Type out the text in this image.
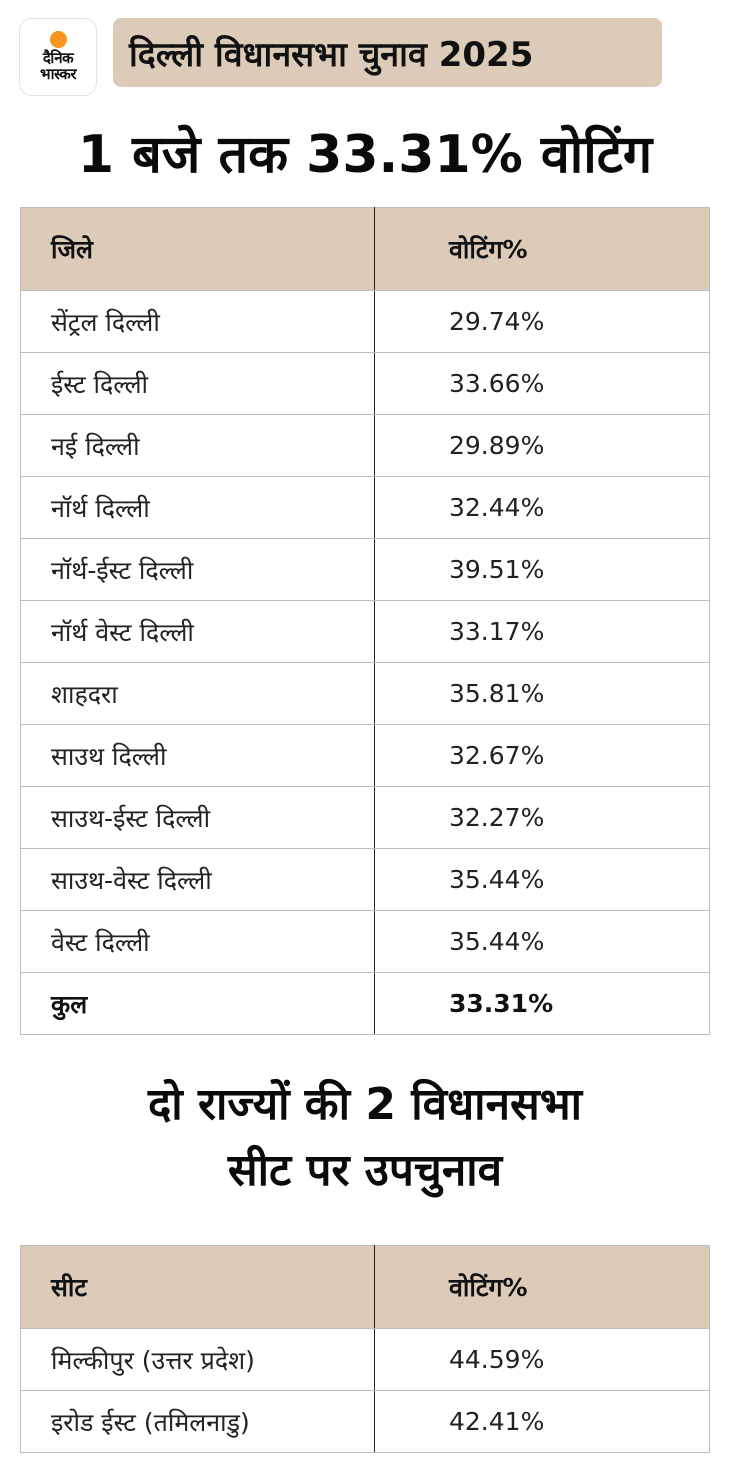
दैनिक
भास्कर दिल्ली विधानसभा चुनाव 2025
1 बजे तक 33.31% वोटिंग
जिले	वोटिंग%
सेंट्रल दिल्ली	29.74%
ईस्ट दिल्ली	33.66%
नई दिल्ली	29.89%
नॉर्थ दिल्ली	32.44%
नॉर्थ-ईस्ट दिल्ली	39.51%
नॉर्थ वेस्ट दिल्ली	33.17%
शाहदरा	35.81%
साउथ दिल्ली	32.67%
साउथ-ईस्ट दिल्ली	32.27%
साउथ-वेस्ट दिल्ली	35.44%
वेस्ट दिल्ली	35.44%
कुल	33.31%
दो राज्यों की 2 विधानसभा
सीट पर उपचुनाव
सीट	वोटिंग%
मिल्कीपुर (उत्तर प्रदेश)	44.59%
इरोड ईस्ट (तमिलनाडु)	42.41%
